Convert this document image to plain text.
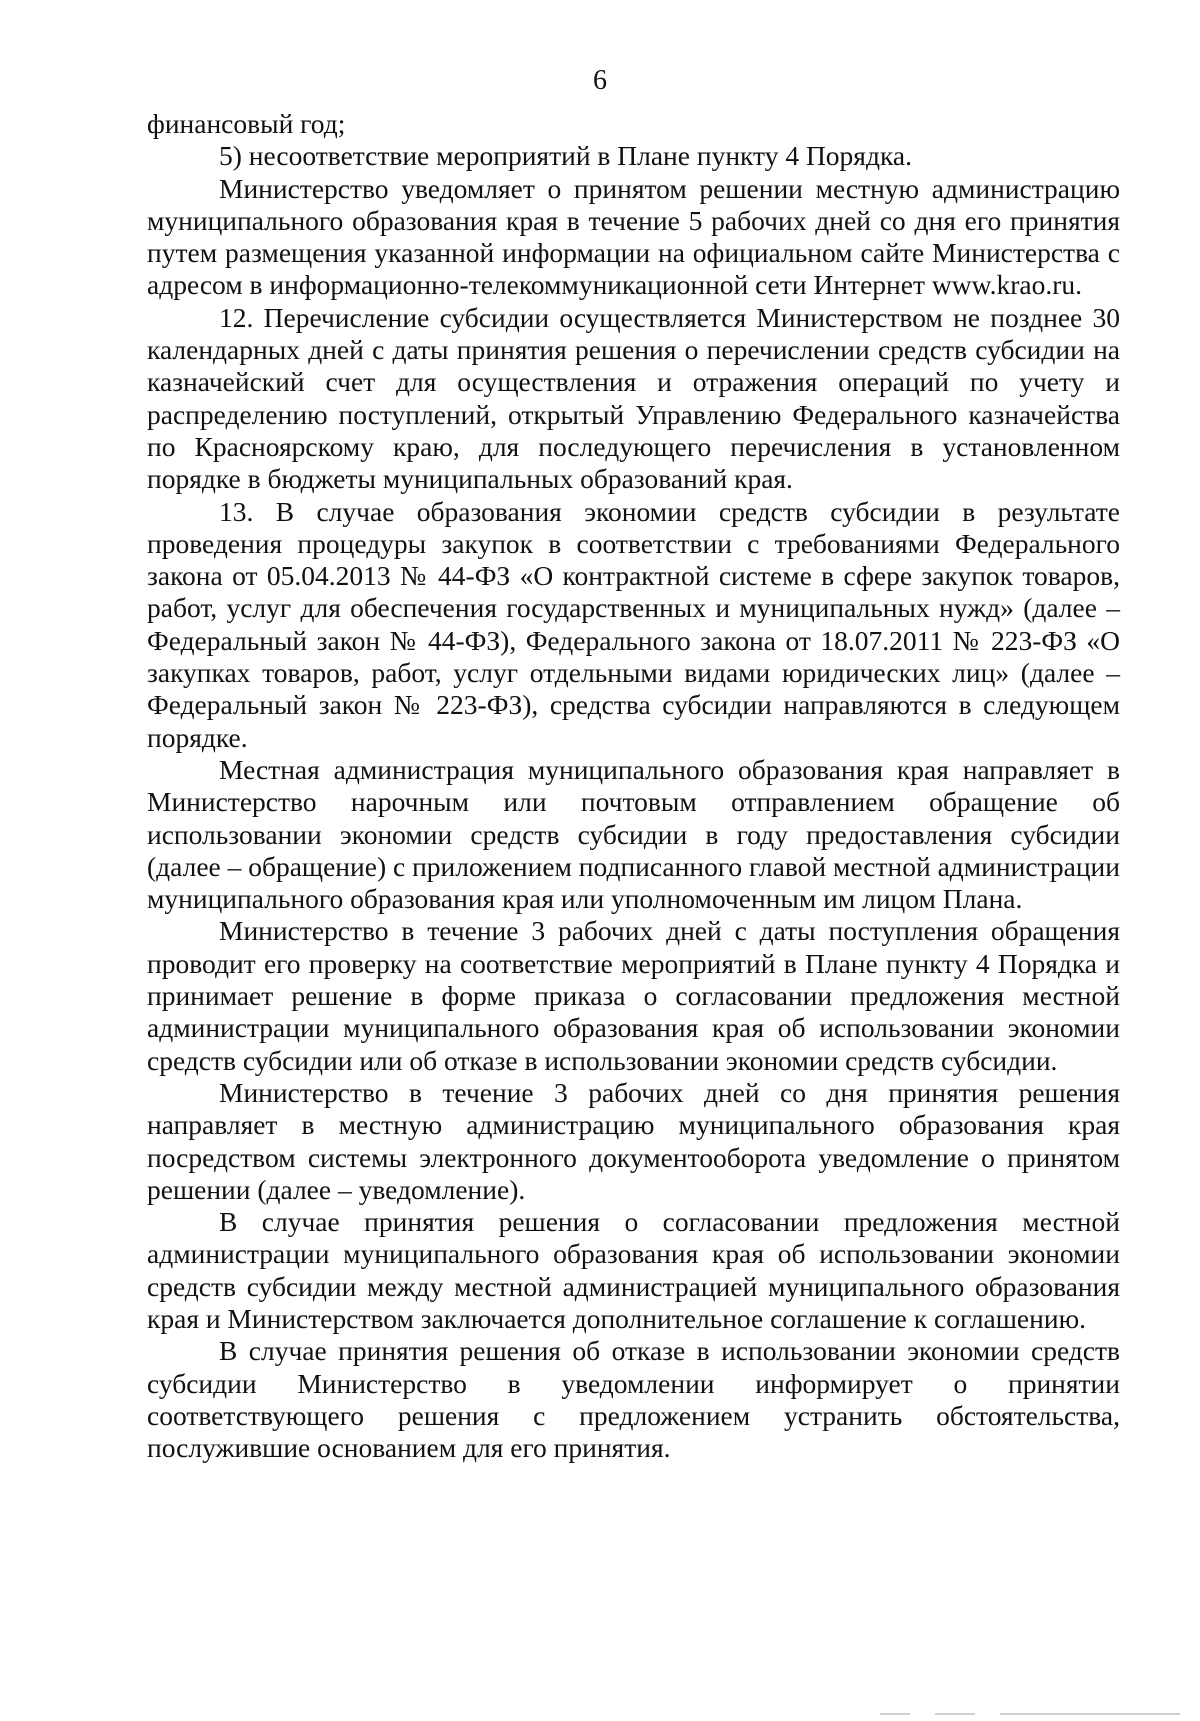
6

финансовый год;

5) несоответствие мероприятий в Плане пункту 4 Порядка.

Министерство уведомляет о принятом решении местную администрацию муниципального образования края в течение 5 рабочих дней со дня его принятия путем размещения указанной информации на официальном сайте Министерства с адресом в информационно-телекоммуникационной сети Интернет www.krao.ru.

12. Перечисление субсидии осуществляется Министерством не позднее 30 календарных дней с даты принятия решения о перечислении средств субсидии на казначейский счет для осуществления и отражения операций по учету и распределению поступлений, открытый Управлению Федерального казначейства по Красноярскому краю, для последующего перечисления в установленном порядке в бюджеты муниципальных образований края.

13. В случае образования экономии средств субсидии в результате проведения процедуры закупок в соответствии с требованиями Федерального закона от 05.04.2013 № 44-ФЗ «О контрактной системе в сфере закупок товаров, работ, услуг для обеспечения государственных и муниципальных нужд» (далее – Федеральный закон № 44-ФЗ), Федерального закона от 18.07.2011 № 223-ФЗ «О закупках товаров, работ, услуг отдельными видами юридических лиц» (далее – Федеральный закон № 223-ФЗ), средства субсидии направляются в следующем порядке.

Местная администрация муниципального образования края направляет в Министерство нарочным или почтовым отправлением обращение об использовании экономии средств субсидии в году предоставления субсидии (далее – обращение) с приложением подписанного главой местной администрации муниципального образования края или уполномоченным им лицом Плана.

Министерство в течение 3 рабочих дней с даты поступления обращения проводит его проверку на соответствие мероприятий в Плане пункту 4 Порядка и принимает решение в форме приказа о согласовании предложения местной администрации муниципального образования края об использовании экономии средств субсидии или об отказе в использовании экономии средств субсидии.

Министерство в течение 3 рабочих дней со дня принятия решения направляет в местную администрацию муниципального образования края посредством системы электронного документооборота уведомление о принятом решении (далее – уведомление).

В случае принятия решения о согласовании предложения местной администрации муниципального образования края об использовании экономии средств субсидии между местной администрацией муниципального образования края и Министерством заключается дополнительное соглашение к соглашению.

В случае принятия решения об отказе в использовании экономии средств субсидии Министерство в уведомлении информирует о принятии соответствующего решения с предложением устранить обстоятельства, послужившие основанием для его принятия.
